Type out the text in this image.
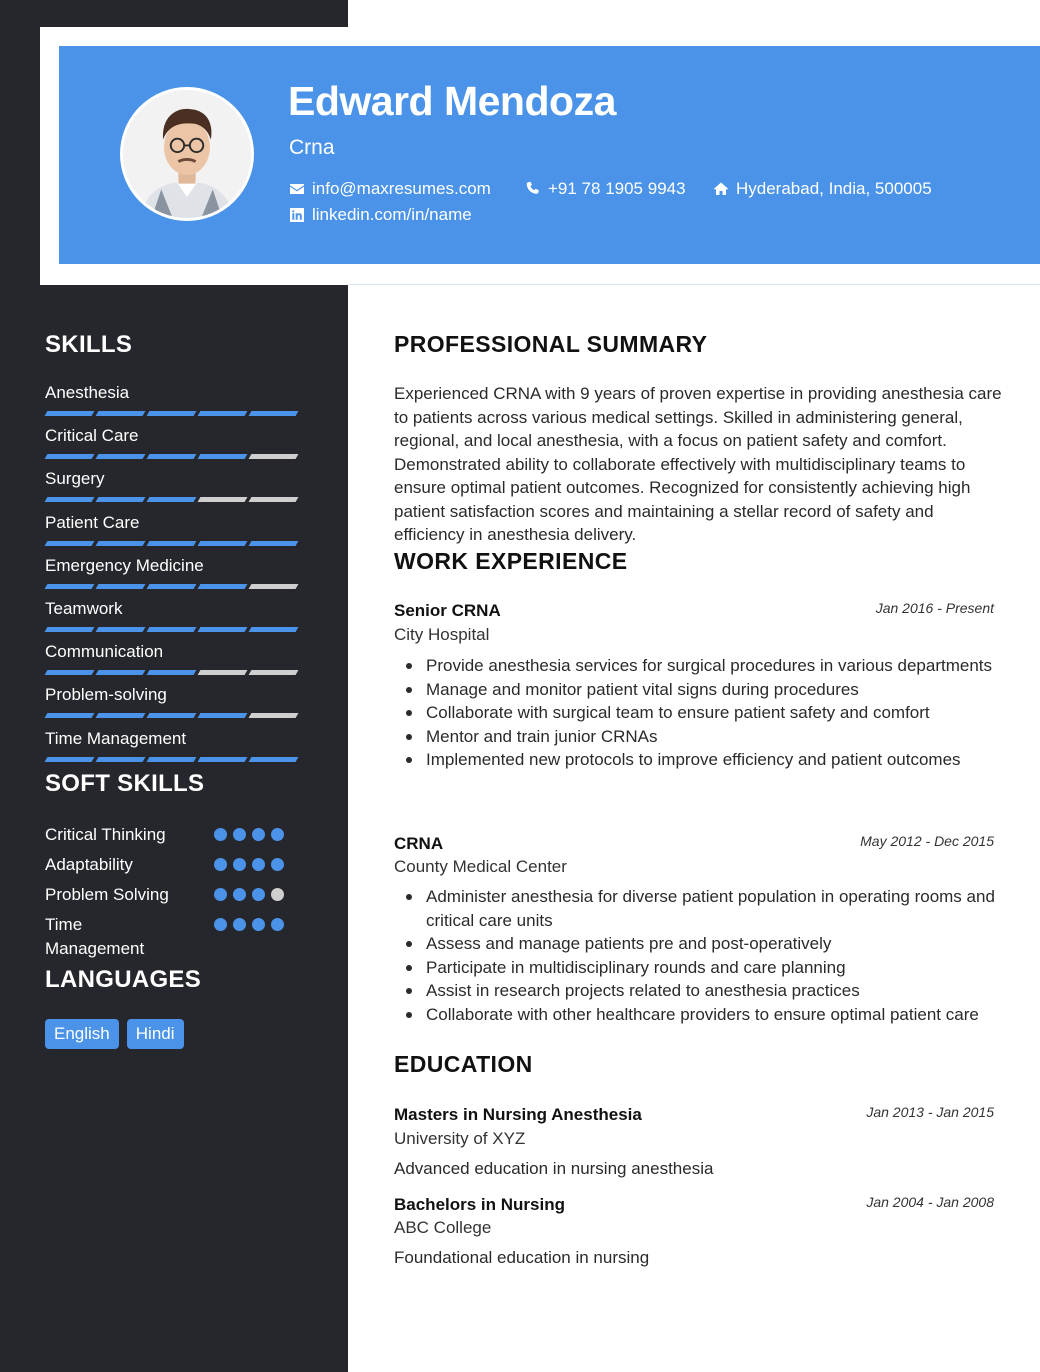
Edward Mendoza
Crna
info@maxresumes.com	+91 78 1905 9943	Hyderabad, India, 500005
linkedin.com/in/name
SKILLS
Anesthesia
Critical Care
Surgery
Patient Care
Emergency Medicine
Teamwork
Communication
Problem-solving
Time Management
SOFT SKILLS
Critical Thinking
Adaptability
Problem Solving
Time Management
LANGUAGES
English	Hindi
PROFESSIONAL SUMMARY
Experienced CRNA with 9 years of proven expertise in providing anesthesia care to patients across various medical settings. Skilled in administering general, regional, and local anesthesia, with a focus on patient safety and comfort. Demonstrated ability to collaborate effectively with multidisciplinary teams to ensure optimal patient outcomes. Recognized for consistently achieving high patient satisfaction scores and maintaining a stellar record of safety and efficiency in anesthesia delivery.
WORK EXPERIENCE
Senior CRNA	Jan 2016 - Present
City Hospital
Provide anesthesia services for surgical procedures in various departments
Manage and monitor patient vital signs during procedures
Collaborate with surgical team to ensure patient safety and comfort
Mentor and train junior CRNAs
Implemented new protocols to improve efficiency and patient outcomes
CRNA	May 2012 - Dec 2015
County Medical Center
Administer anesthesia for diverse patient population in operating rooms and critical care units
Assess and manage patients pre and post-operatively
Participate in multidisciplinary rounds and care planning
Assist in research projects related to anesthesia practices
Collaborate with other healthcare providers to ensure optimal patient care
EDUCATION
Masters in Nursing Anesthesia	Jan 2013 - Jan 2015
University of XYZ
Advanced education in nursing anesthesia
Bachelors in Nursing	Jan 2004 - Jan 2008
ABC College
Foundational education in nursing
